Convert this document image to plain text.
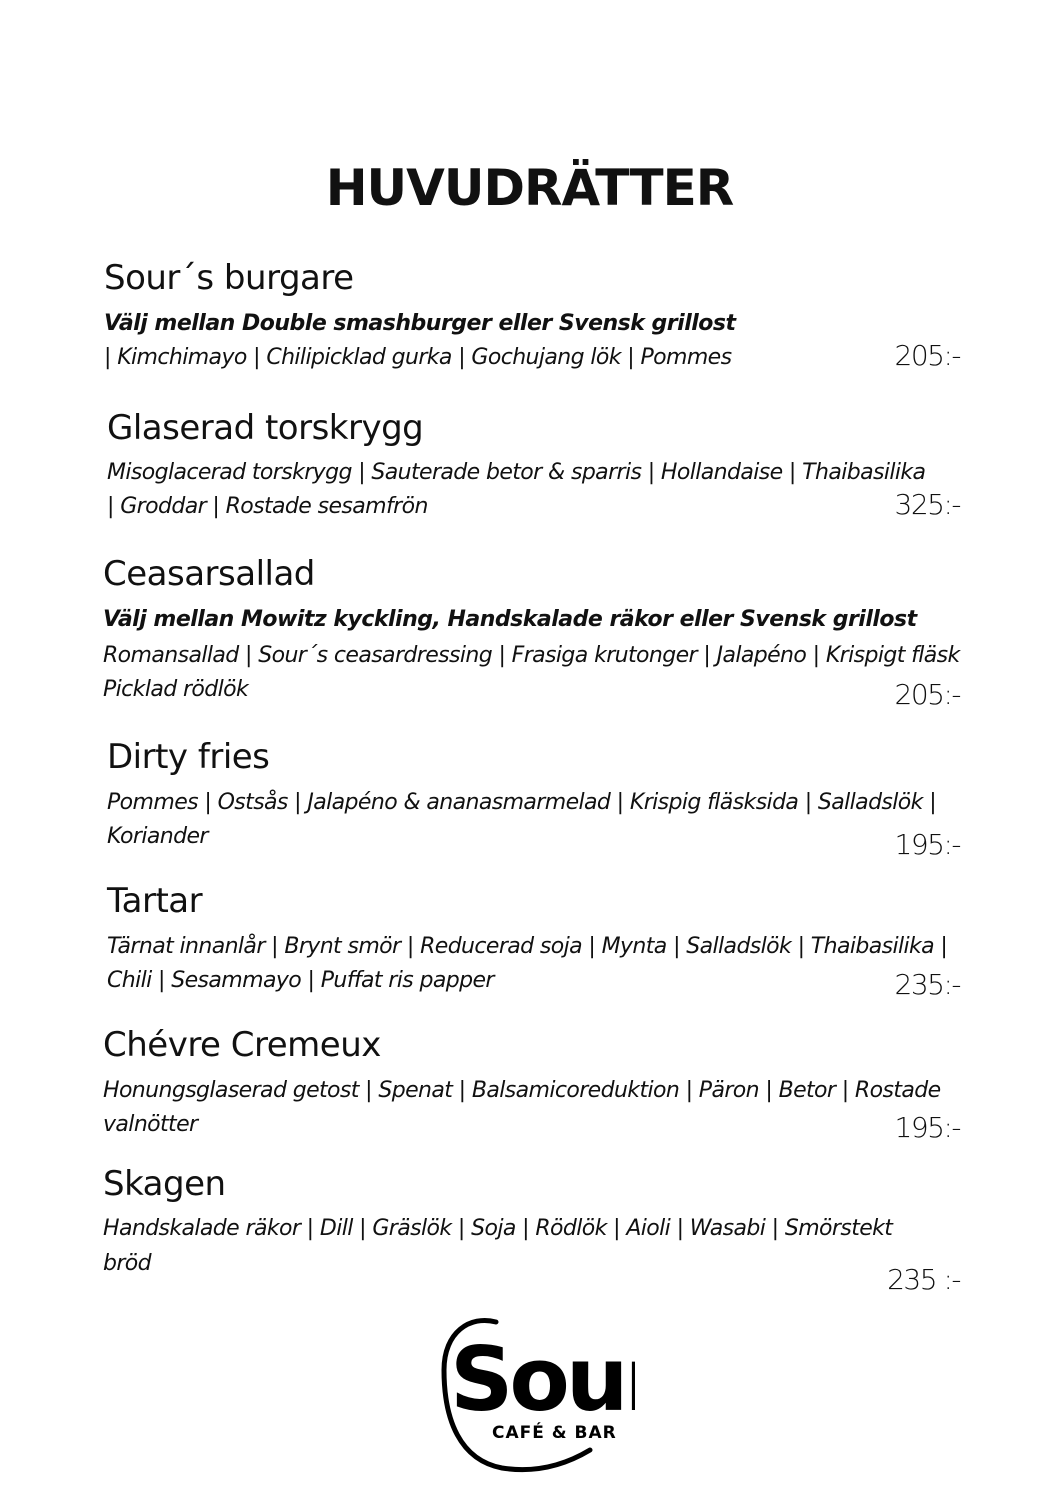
HUVUDRÄTTER
Sour´s burgare
Välj mellan Double smashburger eller Svensk grillost
| Kimchimayo | Chilipicklad gurka | Gochujang lök | Pommes	205:-
Glaserad torskrygg
Misoglacerad torskrygg | Sauterade betor & sparris | Hollandaise | Thaibasilika
| Groddar | Rostade sesamfrön	325:-
Ceasarsallad
Välj mellan Mowitz kyckling, Handskalade räkor eller Svensk grillost
Romansallad | Sour´s ceasardressing | Frasiga krutonger | Jalapéno | Krispigt fläsk
Picklad rödlök	205:-
Dirty fries
Pommes | Ostsås | Jalapéno & ananasmarmelad | Krispig fläsksida | Salladslök |
Koriander	195:-
Tartar
Tärnat innanlår | Brynt smör | Reducerad soja | Mynta | Salladslök | Thaibasilika |
Chili | Sesammayo | Puffat ris papper	235:-
Chévre Cremeux
Honungsglaserad getost | Spenat | Balsamicoreduktion | Päron | Betor | Rostade
valnötter	195:-
Skagen
Handskalade räkor | Dill | Gräslök | Soja | Rödlök | Aioli | Wasabi | Smörstekt
bröd	235 :-
Sou
CAFÉ & BAR
